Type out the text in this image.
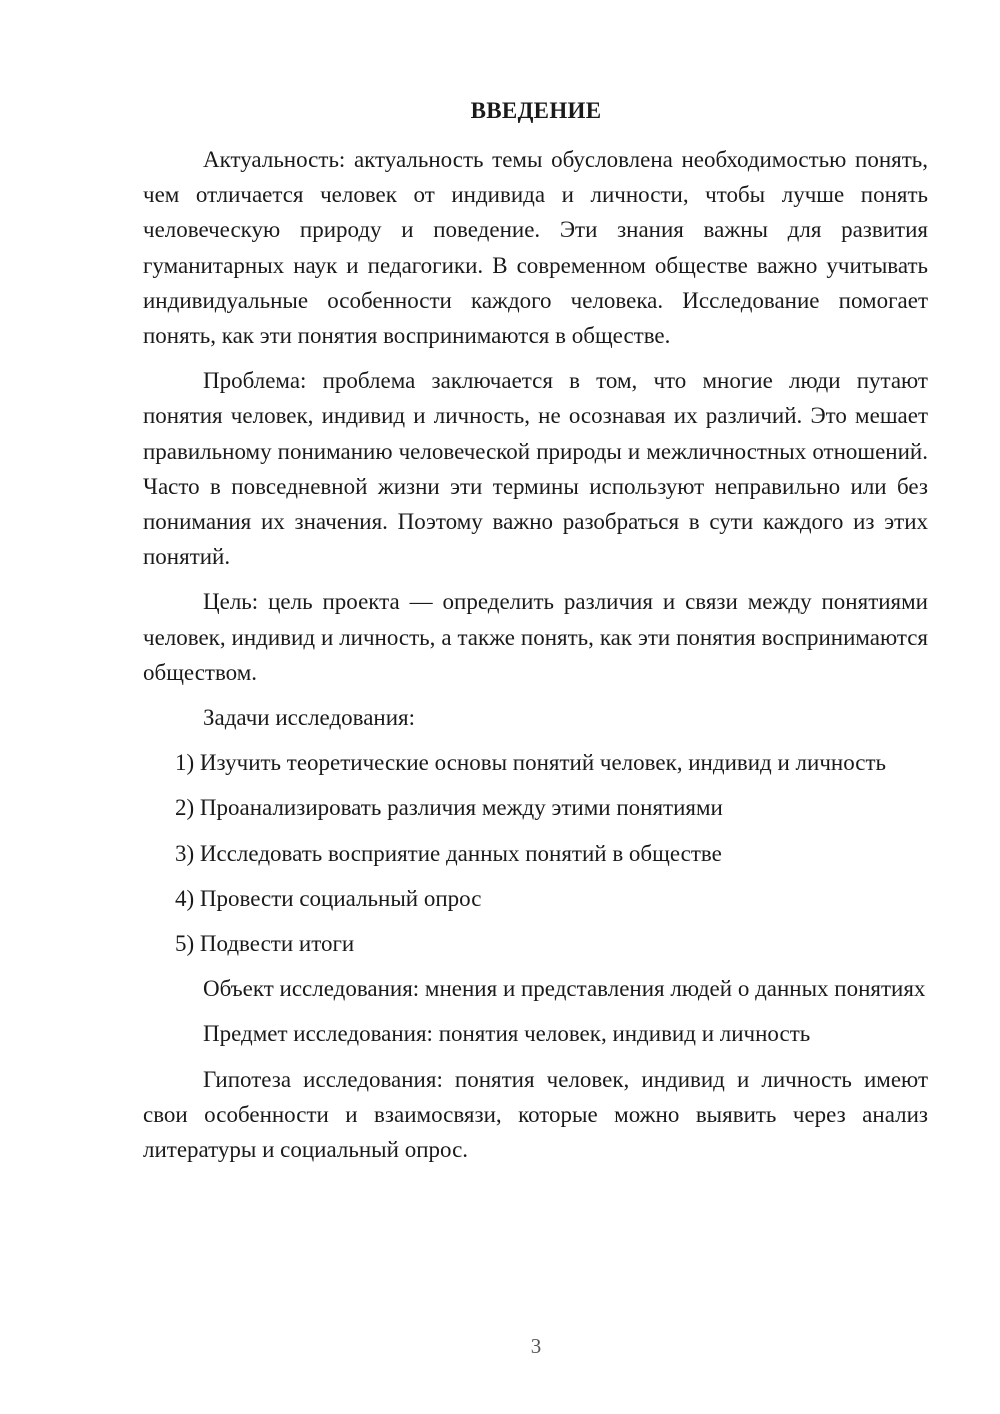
ВВЕДЕНИЕ

Актуальность: актуальность темы обусловлена необходимостью понять, чем отличается человек от индивида и личности, чтобы лучше понять человеческую природу и поведение. Эти знания важны для развития гуманитарных наук и педагогики. В современном обществе важно учитывать индивидуальные особенности каждого человека. Исследование помогает понять, как эти понятия воспринимаются в обществе.

Проблема: проблема заключается в том, что многие люди путают понятия человек, индивид и личность, не осознавая их различий. Это мешает правильному пониманию человеческой природы и межличностных отношений. Часто в повседневной жизни эти термины используют неправильно или без понимания их значения. Поэтому важно разобраться в сути каждого из этих понятий.

Цель: цель проекта — определить различия и связи между понятиями человек, индивид и личность, а также понять, как эти понятия воспринимаются обществом.

Задачи исследования:

1) Изучить теоретические основы понятий человек, индивид и личность

2) Проанализировать различия между этими понятиями

3) Исследовать восприятие данных понятий в обществе

4) Провести социальный опрос

5) Подвести итоги

Объект исследования: мнения и представления людей о данных понятиях

Предмет исследования: понятия человек, индивид и личность

Гипотеза исследования: понятия человек, индивид и личность имеют свои особенности и взаимосвязи, которые можно выявить через анализ литературы и социальный опрос.

3
